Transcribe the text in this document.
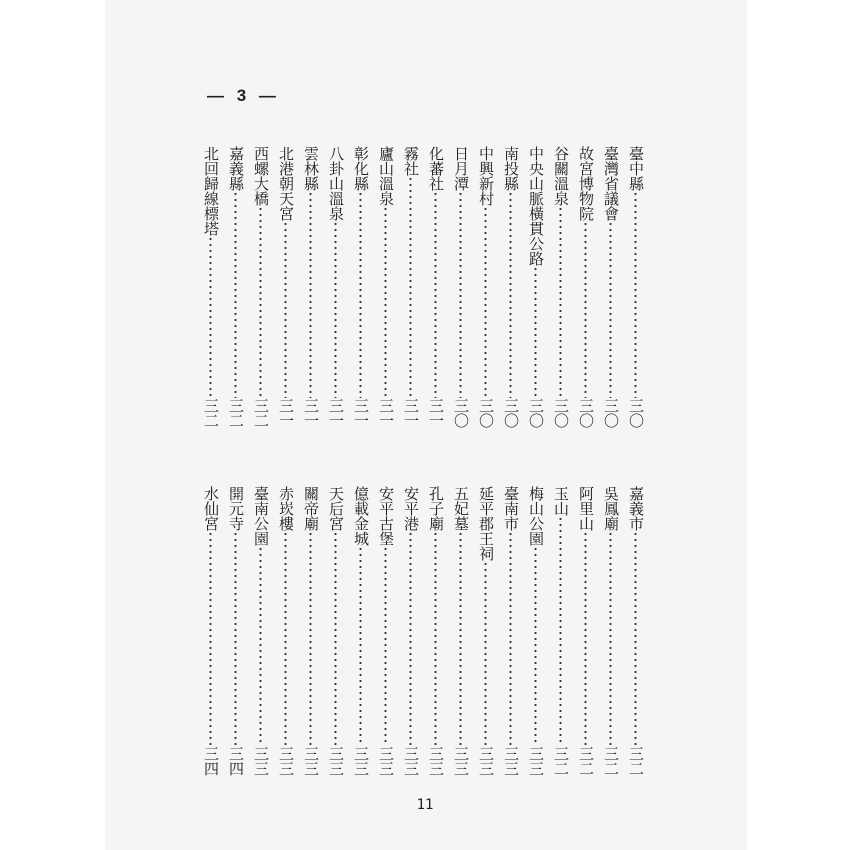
— 3 —
臺中縣
三〇
臺灣省議會
三〇
故宮博物院
三〇
谷關溫泉
三〇
中央山脈橫貫公路
三〇
南投縣
三〇
中興新村
三〇
日月潭
三〇
化蕃社
三一
霧社
三一
廬山溫泉
三一
彰化縣
三一
八卦山溫泉
三一
雲林縣
三一
北港朝天宮
三一
西螺大橋
三二
嘉義縣
三二
北回歸線標塔
三二
嘉義市
三二
吳鳳廟
三二
阿里山
三二
玉山
三二
梅山公園
三三
臺南市
三三
延平郡王祠
三三
五妃墓
三三
孔子廟
三三
安平港
三三
安平古堡
三三
億載金城
三三
天后宮
三三
關帝廟
三三
赤崁樓
三三
臺南公園
三三
開元寺
三四
水仙宮
三四
11
